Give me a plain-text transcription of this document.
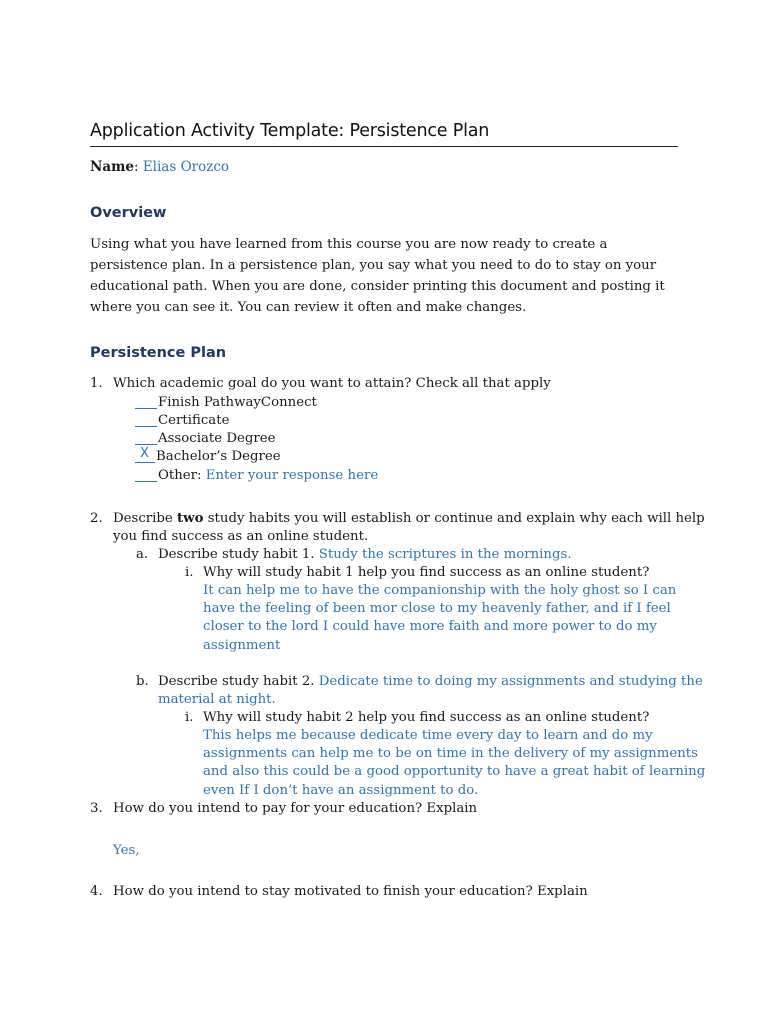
Application Activity Template: Persistence Plan
Name: Elias Orozco
Overview
Using what you have learned from this course you are now ready to create a persistence plan. In a persistence plan, you say what you need to do to stay on your educational path. When you are done, consider printing this document and posting it where you can see it. You can review it often and make changes.
Persistence Plan
1. Which academic goal do you want to attain? Check all that apply
Finish PathwayConnect
Certificate
Associate Degree
X Bachelor’s Degree
Other: Enter your response here
2. Describe two study habits you will establish or continue and explain why each will help
you find success as an online student.
a. Describe study habit 1. Study the scriptures in the mornings.
i. Why will study habit 1 help you find success as an online student?
It can help me to have the companionship with the holy ghost so I can
have the feeling of been mor close to my heavenly father, and if I feel
closer to the lord I could have more faith and more power to do my
assignment
b. Describe study habit 2. Dedicate time to doing my assignments and studying the
material at night.
i. Why will study habit 2 help you find success as an online student?
This helps me because dedicate time every day to learn and do my
assignments can help me to be on time in the delivery of my assignments
and also this could be a good opportunity to have a great habit of learning
even If I don’t have an assignment to do.
3. How do you intend to pay for your education? Explain
Yes,
4. How do you intend to stay motivated to finish your education? Explain
